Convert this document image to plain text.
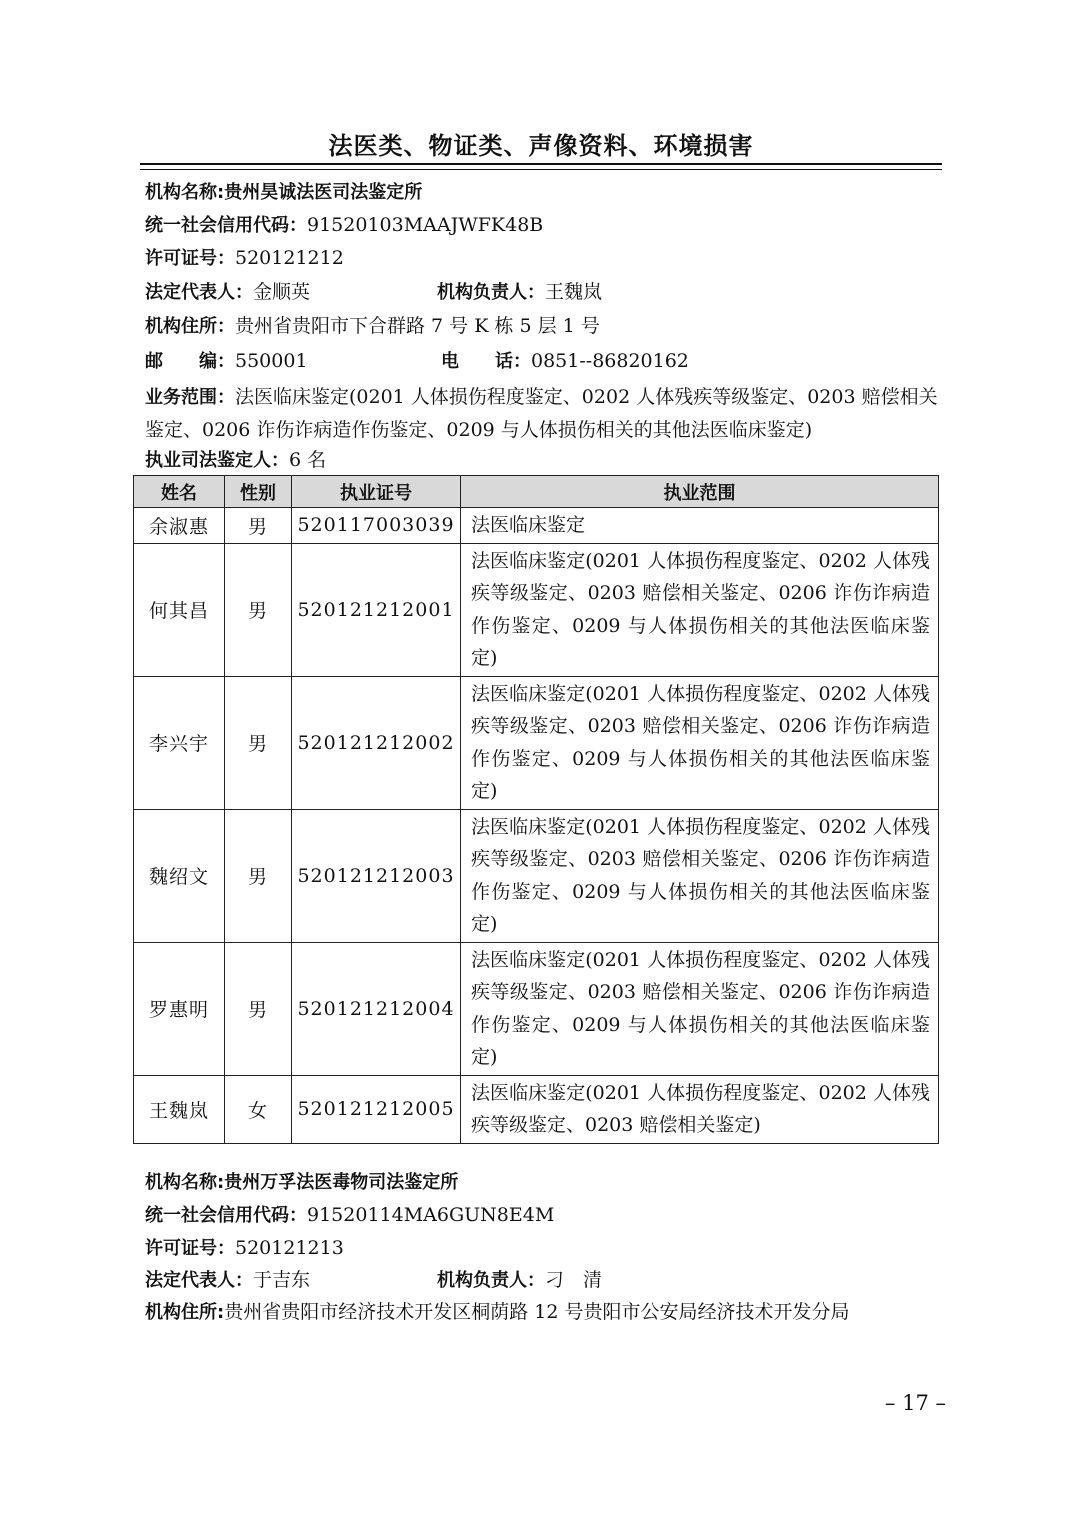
法医类、物证类、声像资料、环境损害
机构名称:贵州昊诚法医司法鉴定所
统一社会信用代码：91520103MAAJWFK48B
许可证号：520121212
法定代表人：金顺英	机构负责人：王魏岚
机构住所：贵州省贵阳市下合群路 7 号 K 栋 5 层 1 号
邮　　编：550001	电　　话：0851--86820162
业务范围：法医临床鉴定(0201 人体损伤程度鉴定、0202 人体残疾等级鉴定、0203 赔偿相关鉴定、0206 诈伤诈病造作伤鉴定、0209 与人体损伤相关的其他法医临床鉴定)
执业司法鉴定人：6 名
姓名	性别	执业证号	执业范围
余淑惠	男	520117003039	法医临床鉴定
何其昌	男	520121212001	法医临床鉴定(0201 人体损伤程度鉴定、0202 人体残疾等级鉴定、0203 赔偿相关鉴定、0206 诈伤诈病造作伤鉴定、0209 与人体损伤相关的其他法医临床鉴定)
李兴宇	男	520121212002	法医临床鉴定(0201 人体损伤程度鉴定、0202 人体残疾等级鉴定、0203 赔偿相关鉴定、0206 诈伤诈病造作伤鉴定、0209 与人体损伤相关的其他法医临床鉴定)
魏绍文	男	520121212003	法医临床鉴定(0201 人体损伤程度鉴定、0202 人体残疾等级鉴定、0203 赔偿相关鉴定、0206 诈伤诈病造作伤鉴定、0209 与人体损伤相关的其他法医临床鉴定)
罗惠明	男	520121212004	法医临床鉴定(0201 人体损伤程度鉴定、0202 人体残疾等级鉴定、0203 赔偿相关鉴定、0206 诈伤诈病造作伤鉴定、0209 与人体损伤相关的其他法医临床鉴定)
王魏岚	女	520121212005	法医临床鉴定(0201 人体损伤程度鉴定、0202 人体残疾等级鉴定、0203 赔偿相关鉴定)
机构名称:贵州万孚法医毒物司法鉴定所
统一社会信用代码：91520114MA6GUN8E4M
许可证号：520121213
法定代表人：于吉东	机构负责人：刁　清
机构住所:贵州省贵阳市经济技术开发区桐荫路 12 号贵阳市公安局经济技术开发分局
– 17 –
